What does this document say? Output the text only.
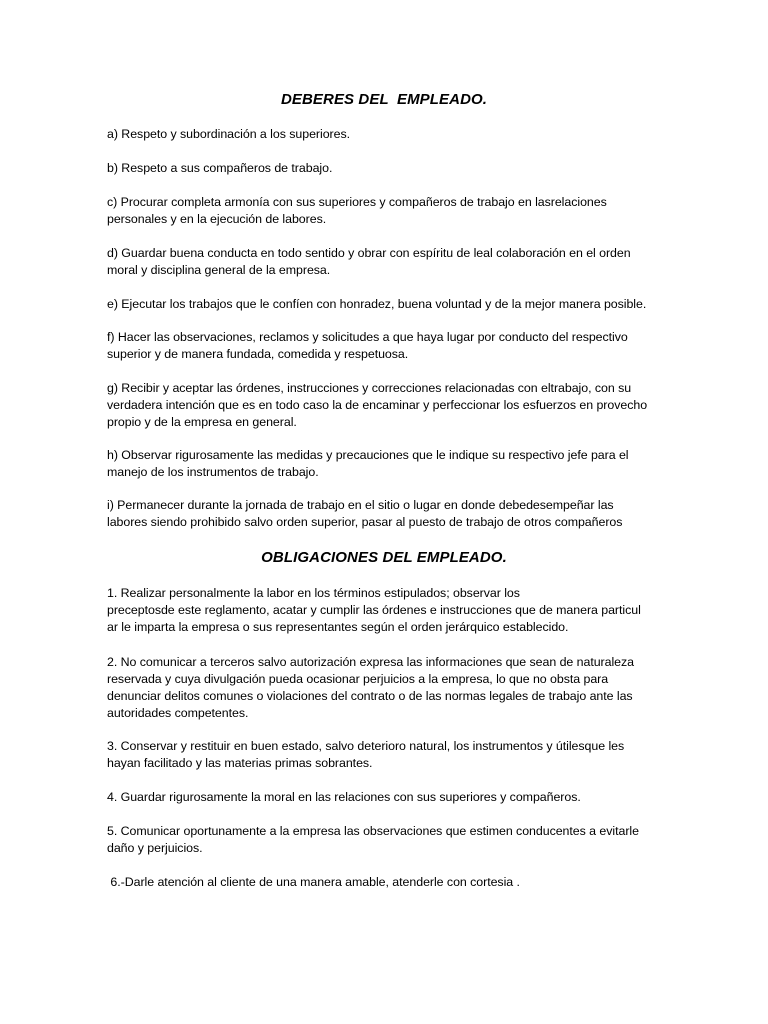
DEBERES DEL  EMPLEADO.
a) Respeto y subordinación a los superiores.
b) Respeto a sus compañeros de trabajo.
c) Procurar completa armonía con sus superiores y compañeros de trabajo en lasrelaciones
personales y en la ejecución de labores.
d) Guardar buena conducta en todo sentido y obrar con espíritu de leal colaboración en el orden
moral y disciplina general de la empresa.
e) Ejecutar los trabajos que le confíen con honradez, buena voluntad y de la mejor manera posible.
f) Hacer las observaciones, reclamos y solicitudes a que haya lugar por conducto del respectivo
superior y de manera fundada, comedida y respetuosa.
g) Recibir y aceptar las órdenes, instrucciones y correcciones relacionadas con eltrabajo, con su
verdadera intención que es en todo caso la de encaminar y perfeccionar los esfuerzos en provecho
propio y de la empresa en general.
h) Observar rigurosamente las medidas y precauciones que le indique su respectivo jefe para el
manejo de los instrumentos de trabajo.
i) Permanecer durante la jornada de trabajo en el sitio o lugar en donde debedesempeñar las
labores siendo prohibido salvo orden superior, pasar al puesto de trabajo de otros compañeros
OBLIGACIONES DEL EMPLEADO.
1. Realizar personalmente la labor en los términos estipulados; observar los
preceptosde este reglamento, acatar y cumplir las órdenes e instrucciones que de manera particul
ar le imparta la empresa o sus representantes según el orden jerárquico establecido.
2. No comunicar a terceros salvo autorización expresa las informaciones que sean de naturaleza
reservada y cuya divulgación pueda ocasionar perjuicios a la empresa, lo que no obsta para
denunciar delitos comunes o violaciones del contrato o de las normas legales de trabajo ante las
autoridades competentes.
3. Conservar y restituir en buen estado, salvo deterioro natural, los instrumentos y útilesque les
hayan facilitado y las materias primas sobrantes.
4. Guardar rigurosamente la moral en las relaciones con sus superiores y compañeros.
5. Comunicar oportunamente a la empresa las observaciones que estimen conducentes a evitarle
daño y perjuicios.
6.-Darle atención al cliente de una manera amable, atenderle con cortesia .
